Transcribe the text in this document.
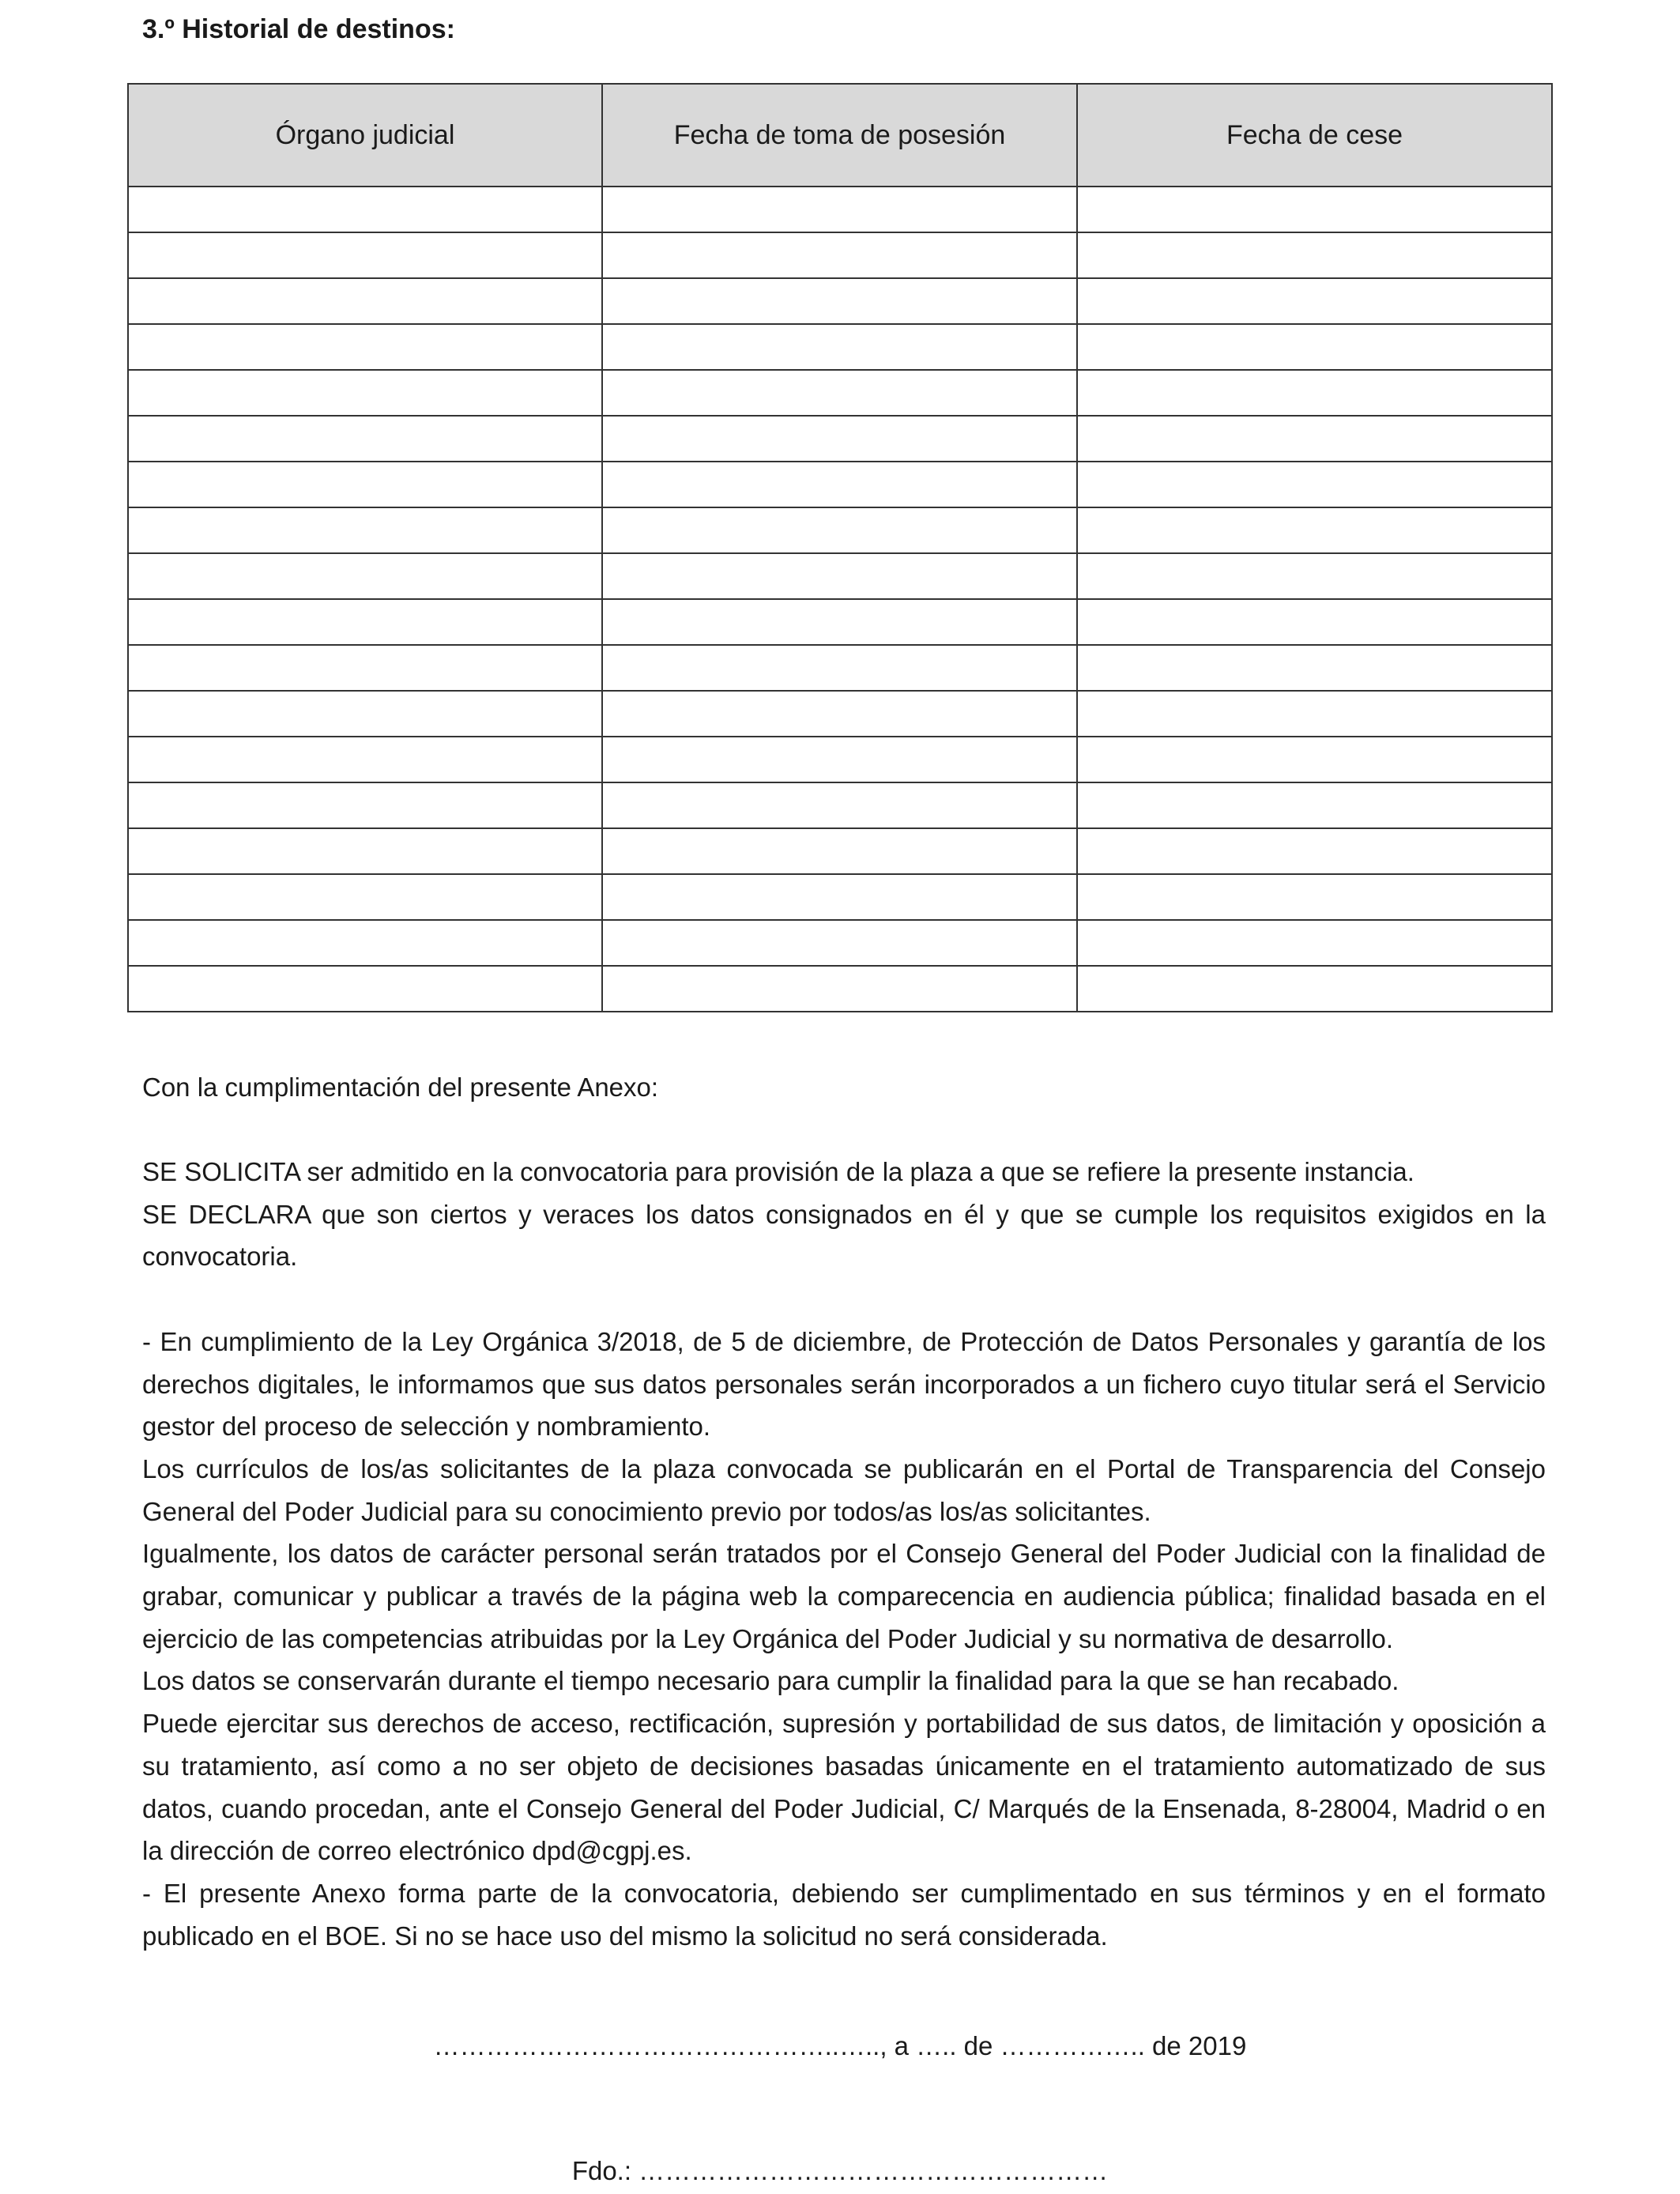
3.º Historial de destinos:
Órgano judicial	Fecha de toma de posesión	Fecha de cese

Con la cumplimentación del presente Anexo:

SE SOLICITA ser admitido en la convocatoria para provisión de la plaza a que se refiere la presente instancia.

SE DECLARA que son ciertos y veraces los datos consignados en él y que se cumple los requisitos exigidos en la convocatoria.

- En cumplimiento de la Ley Orgánica 3/2018, de 5 de diciembre, de Protección de Datos Personales y garantía de los derechos digitales, le informamos que sus datos personales serán incorporados a un fichero cuyo titular será el Servicio gestor del proceso de selección y nombramiento.

Los currículos de los/as solicitantes de la plaza convocada se publicarán en el Portal de Transparencia del Consejo General del Poder Judicial para su conocimiento previo por todos/as los/as solicitantes.

Igualmente, los datos de carácter personal serán tratados por el Consejo General del Poder Judicial con la finalidad de grabar, comunicar y publicar a través de la página web la comparecencia en audiencia pública; finalidad basada en el ejercicio de las competencias atribuidas por la Ley Orgánica del Poder Judicial y su normativa de desarrollo.

Los datos se conservarán durante el tiempo necesario para cumplir la finalidad para la que se han recabado.

Puede ejercitar sus derechos de acceso, rectificación, supresión y portabilidad de sus datos, de limitación y oposición a su tratamiento, así como a no ser objeto de decisiones basadas únicamente en el tratamiento automatizado de sus datos, cuando procedan, ante el Consejo General del Poder Judicial, C/ Marqués de la Ensenada, 8-28004, Madrid o en la dirección de correo electrónico dpd@cgpj.es.

- El presente Anexo forma parte de la convocatoria, debiendo ser cumplimentado en sus términos y en el formato publicado en el BOE. Si no se hace uso del mismo la solicitud no será considerada.

………………………………………..….., a ….. de …………….. de 2019

Fdo.: ………………………………………………
